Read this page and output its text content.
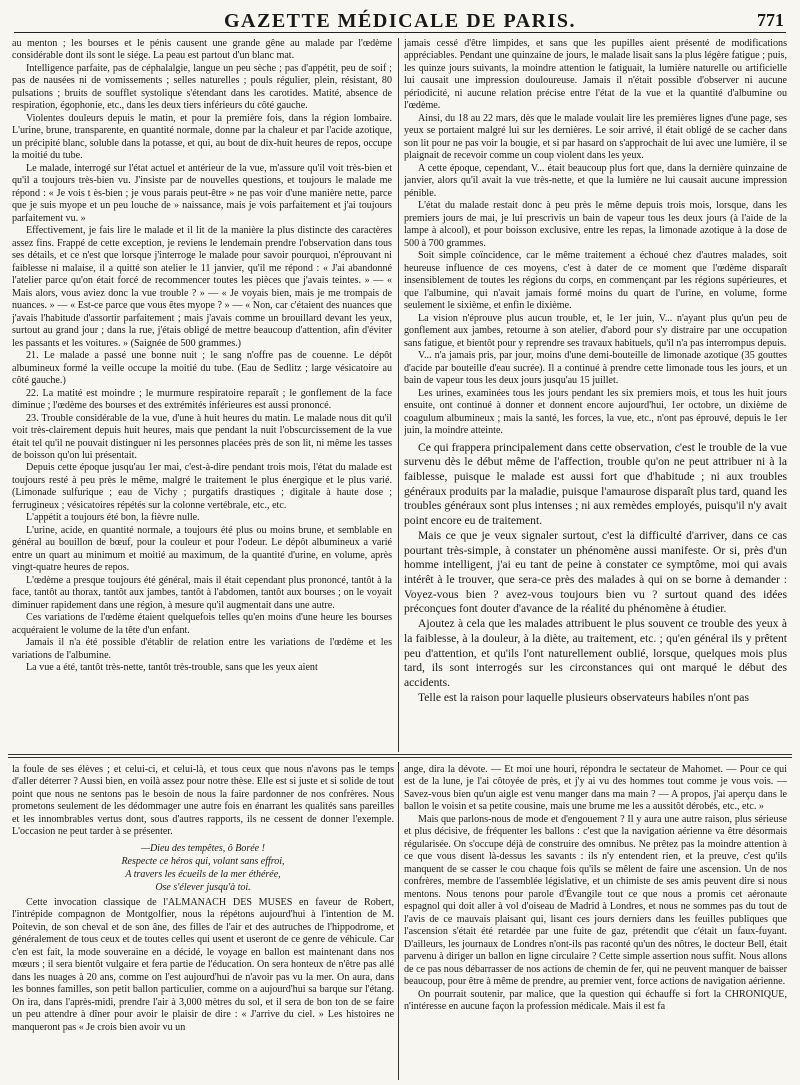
GAZETTE MÉDICALE DE PARIS.	771

au menton ; les bourses et le pénis causent une grande gêne au malade par l'œdème considérable dont ils sont le siége. La peau est partout d'un blanc mat.

Intelligence parfaite, pas de céphalalgie, langue un peu sèche ; pas d'appétit, peu de soif ; pas de nausées ni de vomissements ; selles naturelles ; pouls régulier, plein, résistant, 80 pulsations ; bruits de soufflet systolique s'étendant dans les carotides. Matité, absence de respiration, égophonie, etc., dans les deux tiers inférieurs du côté gauche.

Violentes douleurs depuis le matin, et pour la première fois, dans la région lombaire. L'urine, brune, transparente, en quantité normale, donne par la chaleur et par l'acide azotique, un précipité blanc, soluble dans la potasse, et qui, au bout de dix-huit heures de repos, occupe la moitié du tube.

Le malade, interrogé sur l'état actuel et antérieur de la vue, m'assure qu'il voit très-bien et qu'il a toujours très-bien vu. J'insiste par de nouvelles questions, et toujours le malade me répond : « Je vois t ès-bien ; je vous parais peut-être » ne pas voir d'une manière nette, parce que je suis myope et un peu louche de » naissance, mais je vois parfaitement et j'ai toujours parfaitement vu. »

Effectivement, je fais lire le malade et il lit de la manière la plus distincte des caractères assez fins. Frappé de cette exception, je reviens le lendemain prendre l'observation dans tous ses détails, et ce n'est que lorsque j'interroge le malade pour savoir pourquoi, n'éprouvant ni faiblesse ni malaise, il a quitté son atelier le 11 janvier, qu'il me répond : « J'ai abandonné l'atelier parce qu'on était forcé de recommencer toutes les pièces que j'avais teintes. » — « Mais alors, vous aviez donc la vue trouble ? » — « Je voyais bien, mais je me trompais de nuances. » — « Est-ce parce que vous êtes myope ? » — « Non, car c'étaient des nuances que j'avais l'habitude d'assortir parfaitement ; mais j'avais comme un brouillard devant les yeux, surtout au grand jour ; dans la rue, j'étais obligé de mettre beaucoup d'attention, afin d'éviter les passants et les voitures. » (Saignée de 500 grammes.)

21. Le malade a passé une bonne nuit ; le sang n'offre pas de couenne. Le dépôt albumineux formé la veille occupe la moitié du tube. (Eau de Sedlitz ; large vésicatoire au côté gauche.)

22. La matité est moindre ; le murmure respiratoire reparaît ; le gonflement de la face diminue ; l'œdème des bourses et des extrémités inférieures est aussi prononcé.

23. Trouble considérable de la vue, d'une à huit heures du matin. Le malade nous dit qu'il voit très-clairement depuis huit heures, mais que pendant la nuit l'obscurcissement de la vue était tel qu'il ne pouvait distinguer ni les personnes placées près de son lit, ni même les tasses de boisson qu'on lui présentait.

Depuis cette époque jusqu'au 1er mai, c'est-à-dire pendant trois mois, l'état du malade est toujours resté à peu près le même, malgré le traitement le plus énergique et le plus varié. (Limonade sulfurique ; eau de Vichy ; purgatifs drastiques ; digitale à haute dose ; ferrugineux ; vésicatoires répétés sur la colonne vertébrale, etc., etc.

L'appétit a toujours été bon, la fièvre nulle.

L'urine, acide, en quantité normale, a toujours été plus ou moins brune, et semblable en général au bouillon de bœuf, pour la couleur et pour l'odeur. Le dépôt albumineux a varié entre un quart au minimum et moitié au maximum, de la quantité d'urine, en volume, après vingt-quatre heures de repos.

L'œdème a presque toujours été général, mais il était cependant plus prononcé, tantôt à la face, tantôt au thorax, tantôt aux jambes, tantôt à l'abdomen, tantôt aux bourses ; on le voyait diminuer rapidement dans une région, à mesure qu'il augmentait dans une autre.

Ces variations de l'œdème étaient quelquefois telles qu'en moins d'une heure les bourses acquéraient le volume de la tête d'un enfant.

Jamais il n'a été possible d'établir de relation entre les variations de l'œdème et les variations de l'albumine.

La vue a été, tantôt très-nette, tantôt très-trouble, sans que les yeux aient

jamais cessé d'être limpides, et sans que les pupilles aient présenté de modifications appréciables. Pendant une quinzaine de jours, le malade lisait sans la plus légère fatigue ; puis, les quinze jours suivants, la moindre attention le fatiguait, la lumière naturelle ou artificielle lui causait une impression douloureuse. Jamais il n'était possible d'observer ni aucune périodicité, ni aucune relation précise entre l'état de la vue et la quantité d'albumine ou l'œdème.

Ainsi, du 18 au 22 mars, dès que le malade voulait lire les premières lignes d'une page, ses yeux se portaient malgré lui sur les dernières. Le soir arrivé, il était obligé de se cacher dans son lit pour ne pas voir la bougie, et si par hasard on s'approchait de lui avec une lumière, il se plaignait de recevoir comme un coup violent dans les yeux.

A cette époque, cependant, V... était beaucoup plus fort que, dans la dernière quinzaine de janvier, alors qu'il avait la vue très-nette, et que la lumière ne lui causait aucune impression pénible.

L'état du malade restait donc à peu près le même depuis trois mois, lorsque, dans les premiers jours de mai, je lui prescrivis un bain de vapeur tous les deux jours (à l'aide de la lampe à alcool), et pour boisson exclusive, entre les repas, la limonade azotique à la dose de 500 à 700 grammes.

Soit simple coïncidence, car le même traitement a échoué chez d'autres malades, soit heureuse influence de ces moyens, c'est à dater de ce moment que l'œdème disparaît insensiblement de toutes les régions du corps, en commençant par les régions supérieures, et que l'albumine, qui n'avait jamais formé moins du quart de l'urine, en volume, forme seulement le sixième, et enfin le dixième.

La vision n'éprouve plus aucun trouble, et, le 1er juin, V... n'ayant plus qu'un peu de gonflement aux jambes, retourne à son atelier, d'abord pour s'y distraire par une occupation sans fatigue, et bientôt pour y reprendre ses travaux habituels, qu'il n'a pas interrompus depuis.

V... n'a jamais pris, par jour, moins d'une demi-bouteille de limonade azotique (35 gouttes d'acide par bouteille d'eau sucrée). Il a continué à prendre cette limonade tous les jours, et un bain de vapeur tous les deux jours jusqu'au 15 juillet.

Les urines, examinées tous les jours pendant les six premiers mois, et tous les huit jours ensuite, ont continué à donner et donnent encore aujourd'hui, 1er octobre, un dixième de coagulum albumineux ; mais la santé, les forces, la vue, etc., n'ont pas éprouvé, depuis le 1er juin, la moindre atteinte.

Ce qui frappera principalement dans cette observation, c'est le trouble de la vue survenu dès le début même de l'affection, trouble qu'on ne peut attribuer ni à la faiblesse, puisque le malade est aussi fort que d'habitude ; ni aux troubles généraux produits par la maladie, puisque l'amaurose disparaît plus tard, quand les troubles généraux sont plus intenses ; ni aux remèdes employés, puisqu'il n'y avait point encore eu de traitement.

Mais ce que je veux signaler surtout, c'est la difficulté d'arriver, dans ce cas pourtant très-simple, à constater un phénomène aussi manifeste. Or si, près d'un homme intelligent, j'ai eu tant de peine à constater ce symptôme, moi qui avais intérêt à le trouver, que sera-ce près des malades à qui on se borne à demander : Voyez-vous bien ? avez-vous toujours bien vu ? surtout quand des idées préconçues font douter d'avance de la réalité du phénomène à étudier.

Ajoutez à cela que les malades attribuent le plus souvent ce trouble des yeux à la faiblesse, à la douleur, à la diète, au traitement, etc. ; qu'en général ils y prêtent peu d'attention, et qu'ils l'ont naturellement oublié, lorsque, quelques mois plus tard, ils sont interrogés sur les circonstances qui ont marqué le début des accidents.

Telle est la raison pour laquelle plusieurs observateurs habiles n'ont pas

la foule de ses élèves ; et celui-ci, et celui-là, et tous ceux que nous n'avons pas le temps d'aller déterrer ? Aussi bien, en voilà assez pour notre thèse. Elle est si juste et si solide de tout point que nous ne sentons pas le besoin de nous la faire pardonner de nos confrères. Nous prometons seulement de les dédommager une autre fois en énarrant les qualités sans pareilles et les innombrables vertus dont, sous d'autres rapports, ils ne cessent de donner l'exemple. L'occasion ne peut tarder à se présenter.

—Dieu des tempêtes, ô Borée !
Respecte ce héros qui, volant sans effroi,
A travers les écueils de la mer éthérée,
Ose s'élever jusqu'à toi.

Cette invocation classique de l'ALMANACH DES MUSES en faveur de Robert, l'intrépide compagnon de Montgolfier, nous la répétons aujourd'hui à l'intention de M. Poitevin, de son cheval et de son âne, des filles de l'air et des autruches de l'hippodrome, et généralement de tous ceux et de toutes celles qui usent et useront de ce genre de véhicule. Car c'en est fait, la mode souveraine en a décidé, le voyage en ballon est maintenant dans nos mœurs ; il sera bientôt vulgaire et fera partie de l'éducation. On sera honteux de n'être pas allé dans les nuages à 20 ans, comme on l'est aujourd'hui de n'avoir pas vu la mer. On aura, dans les bonnes familles, son petit ballon particulier, comme on a aujourd'hui sa barque sur l'étang. On ira, dans l'après-midi, prendre l'air à 3,000 mètres du sol, et il sera de bon ton de se faire un peu attendre à dîner pour avoir le plaisir de dire : « J'arrive du ciel. » Les histoires ne manqueront pas « Je crois bien avoir vu un

ange, dira la dévote. — Et moi une houri, répondra le sectateur de Mahomet. — Pour ce qui est de la lune, je l'ai côtoyée de près, et j'y ai vu des hommes tout comme je vous vois. — Savez-vous bien qu'un aigle est venu manger dans ma main ? — A propos, j'ai aperçu dans le ballon le voisin et sa petite cousine, mais une brume me les a aussitôt dérobés, etc., etc. »

Mais que parlons-nous de mode et d'engouement ? Il y aura une autre raison, plus sérieuse et plus décisive, de fréquenter les ballons : c'est que la navigation aérienne va être désormais régularisée. On s'occupe déjà de construire des omnibus. Ne prêtez pas la moindre attention à ce que vous disent là-dessus les savants : ils n'y entendent rien, et la preuve, c'est qu'ils manquent de se casser le cou chaque fois qu'ils se mêlent de faire une ascension. Un de nos confrères, membre de l'assemblée législative, et un chimiste de ses amis peuvent dire si nous mentons. Nous tenons pour parole d'Évangile tout ce que nous a promis cet aéronaute espagnol qui doit aller à vol d'oiseau de Madrid à Londres, et nous ne sommes pas du tout de l'avis de ce mauvais plaisant qui, lisant ces jours derniers dans les feuilles publiques que l'ascension s'était été retardée par une fuite de gaz, prétendit que c'était un faux-fuyant. D'ailleurs, les journaux de Londres n'ont-ils pas raconté qu'un des nôtres, le docteur Bell, était parvenu à diriger un ballon en ligne circulaire ? Cette simple assertion nous suffit. Nous allons de ce pas nous débarrasser de nos actions de chemin de fer, qui ne peuvent manquer de baisser beaucoup, pour être à même de prendre, au premier vent, force actions de navigation aérienne.

On pourrait soutenir, par malice, que la question qui échauffe si fort la CHRONIQUE, n'intéresse en aucune façon la profession médicale. Mais il est fa
